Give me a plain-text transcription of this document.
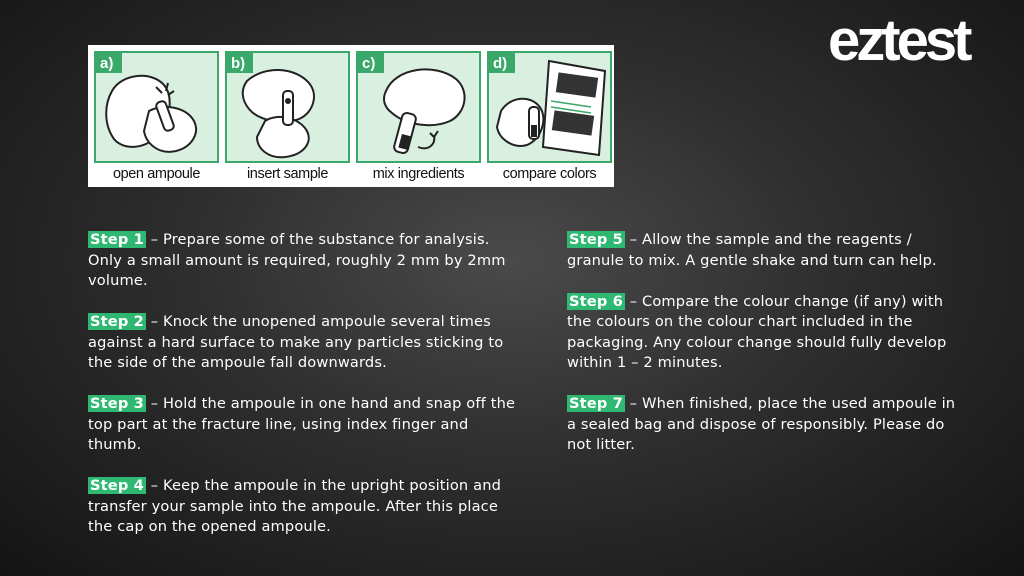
eztest
a)
open ampoule
b)
insert sample
c)
mix ingredients
d)
compare colors

Step 1 – Prepare some of the substance for analysis. Only a small amount is required, roughly 2 mm by 2mm volume.

Step 2 – Knock the unopened ampoule several times against a hard surface to make any particles sticking to the side of the ampoule fall downwards.

Step 3 – Hold the ampoule in one hand and snap off the top part at the fracture line, using index finger and thumb.

Step 4 – Keep the ampoule in the upright position and transfer your sample into the ampoule. After this place the cap on the opened ampoule.

Step 5 – Allow the sample and the reagents / granule to mix. A gentle shake and turn can help.

Step 6 – Compare the colour change (if any) with the colours on the colour chart included in the packaging. Any colour change should fully develop within 1 – 2 minutes.

Step 7 – When finished, place the used ampoule in a sealed bag and dispose of responsibly. Please do not litter.
